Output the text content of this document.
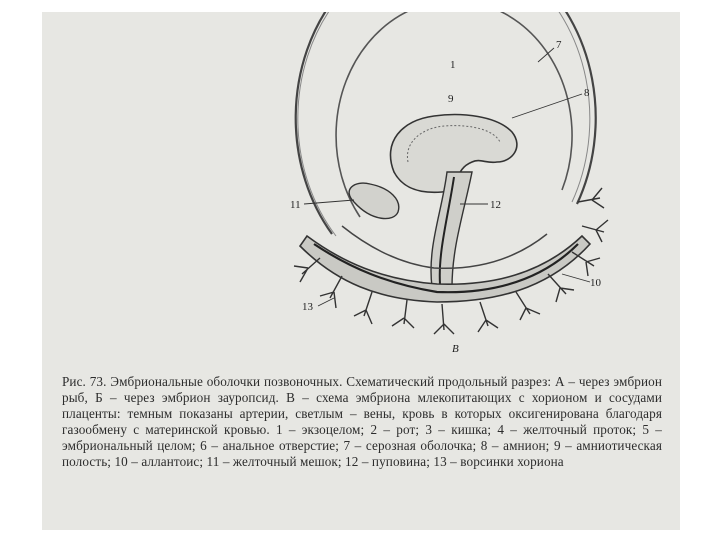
1
7
8
9
10
11	12
13
В
Рис. 73. Эмбриональные оболочки позвоночных. Схематический продольный разрез: А – через эмбрион рыб, Б – через эмбрион зауропсид. В – схема эмбриона млекопитающих с хорионом и сосудами плаценты: темным показаны артерии, светлым – вены, кровь в которых оксигенирована благодаря газообмену с материнской кровью. 1 – экзоцелом; 2 – рот; 3 – кишка; 4 – желточный проток; 5 – эмбриональный целом; 6 – анальное отверстие; 7 – серозная оболочка; 8 – амнион; 9 – амниотическая полость; 10 – аллантоис; 11 – желточный мешок; 12 – пуповина; 13 – ворсинки хориона
